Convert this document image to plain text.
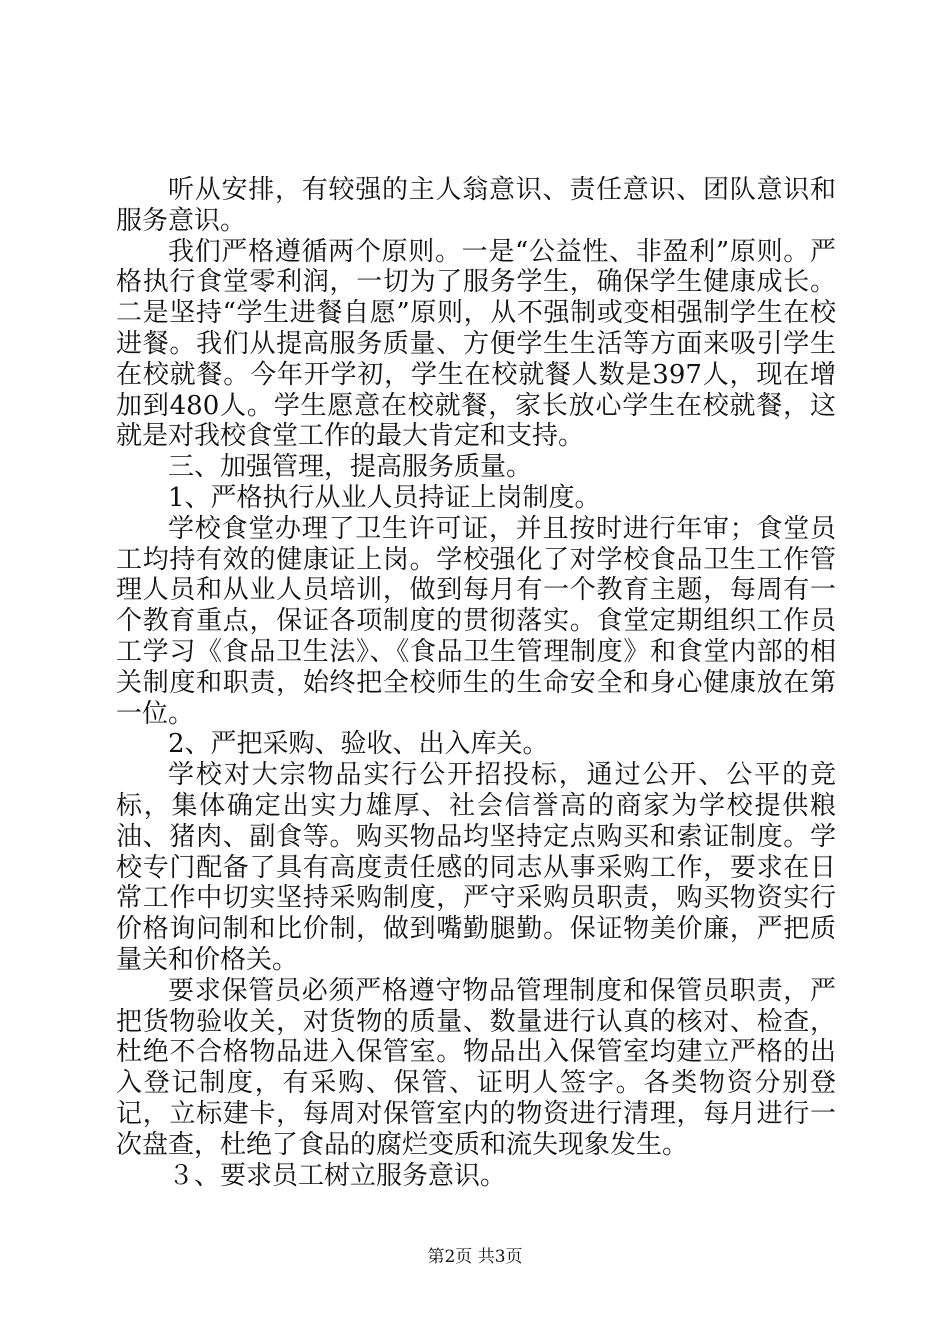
听从安排，有较强的主人翁意识、责任意识、团队意识和服务意识。

我们严格遵循两个原则。一是“公益性、非盈利”原则。严格执行食堂零利润，一切为了服务学生，确保学生健康成长。二是坚持“学生进餐自愿”原则，从不强制或变相强制学生在校进餐。我们从提高服务质量、方便学生生活等方面来吸引学生在校就餐。今年开学初，学生在校就餐人数是397人，现在增加到480人。学生愿意在校就餐，家长放心学生在校就餐，这就是对我校食堂工作的最大肯定和支持。

三、加强管理，提高服务质量。

1、严格执行从业人员持证上岗制度。

学校食堂办理了卫生许可证，并且按时进行年审；食堂员工均持有效的健康证上岗。学校强化了对学校食品卫生工作管理人员和从业人员培训，做到每月有一个教育主题，每周有一个教育重点，保证各项制度的贯彻落实。食堂定期组织工作员工学习《食品卫生法》、《食品卫生管理制度》和食堂内部的相关制度和职责，始终把全校师生的生命安全和身心健康放在第一位。

2、严把采购、验收、出入库关。

学校对大宗物品实行公开招投标，通过公开、公平的竞标，集体确定出实力雄厚、社会信誉高的商家为学校提供粮油、猪肉、副食等。购买物品均坚持定点购买和索证制度。学校专门配备了具有高度责任感的同志从事采购工作，要求在日常工作中切实坚持采购制度，严守采购员职责，购买物资实行价格询问制和比价制，做到嘴勤腿勤。保证物美价廉，严把质量关和价格关。

要求保管员必须严格遵守物品管理制度和保管员职责，严把货物验收关，对货物的质量、数量进行认真的核对、检查，杜绝不合格物品进入保管室。物品出入保管室均建立严格的出入登记制度，有采购、保管、证明人签字。各类物资分别登记，立标建卡，每周对保管室内的物资进行清理，每月进行一次盘查，杜绝了食品的腐烂变质和流失现象发生。

３、要求员工树立服务意识。

第2页 共3页
